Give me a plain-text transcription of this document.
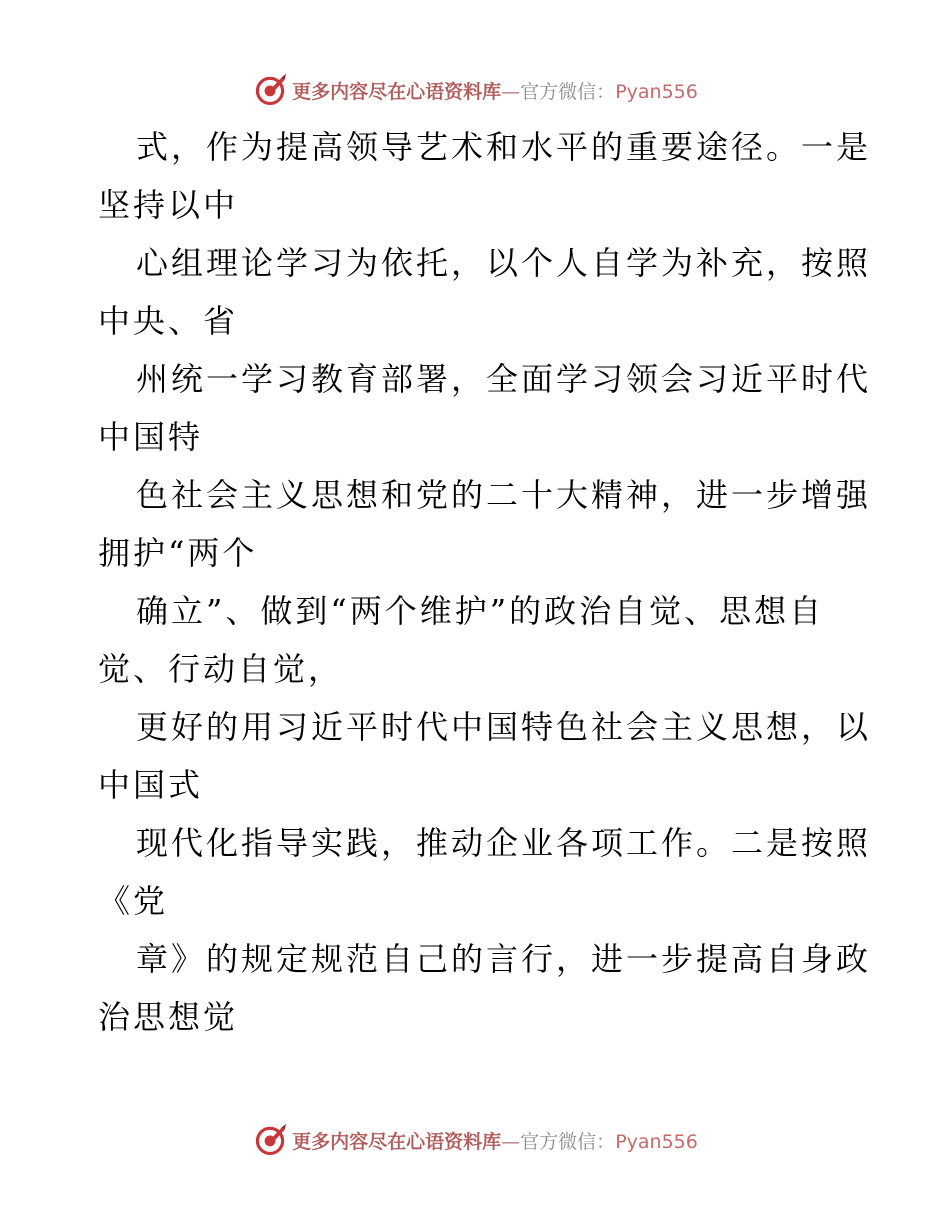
更多内容尽在心语资料库—官方微信：Pyan556
式，作为提高领导艺术和水平的重要途径。一是
坚持以中
心组理论学习为依托，以个人自学为补充，按照
中央、省
州统一学习教育部署，全面学习领会习近平时代
中国特
色社会主义思想和党的二十大精神，进一步增强
拥护“两个
确立”、做到“两个维护”的政治自觉、思想自
觉、行动自觉，
更好的用习近平时代中国特色社会主义思想，以
中国式
现代化指导实践，推动企业各项工作。二是按照
《党
章》的规定规范自己的言行，进一步提高自身政
治思想觉
更多内容尽在心语资料库—官方微信：Pyan556
